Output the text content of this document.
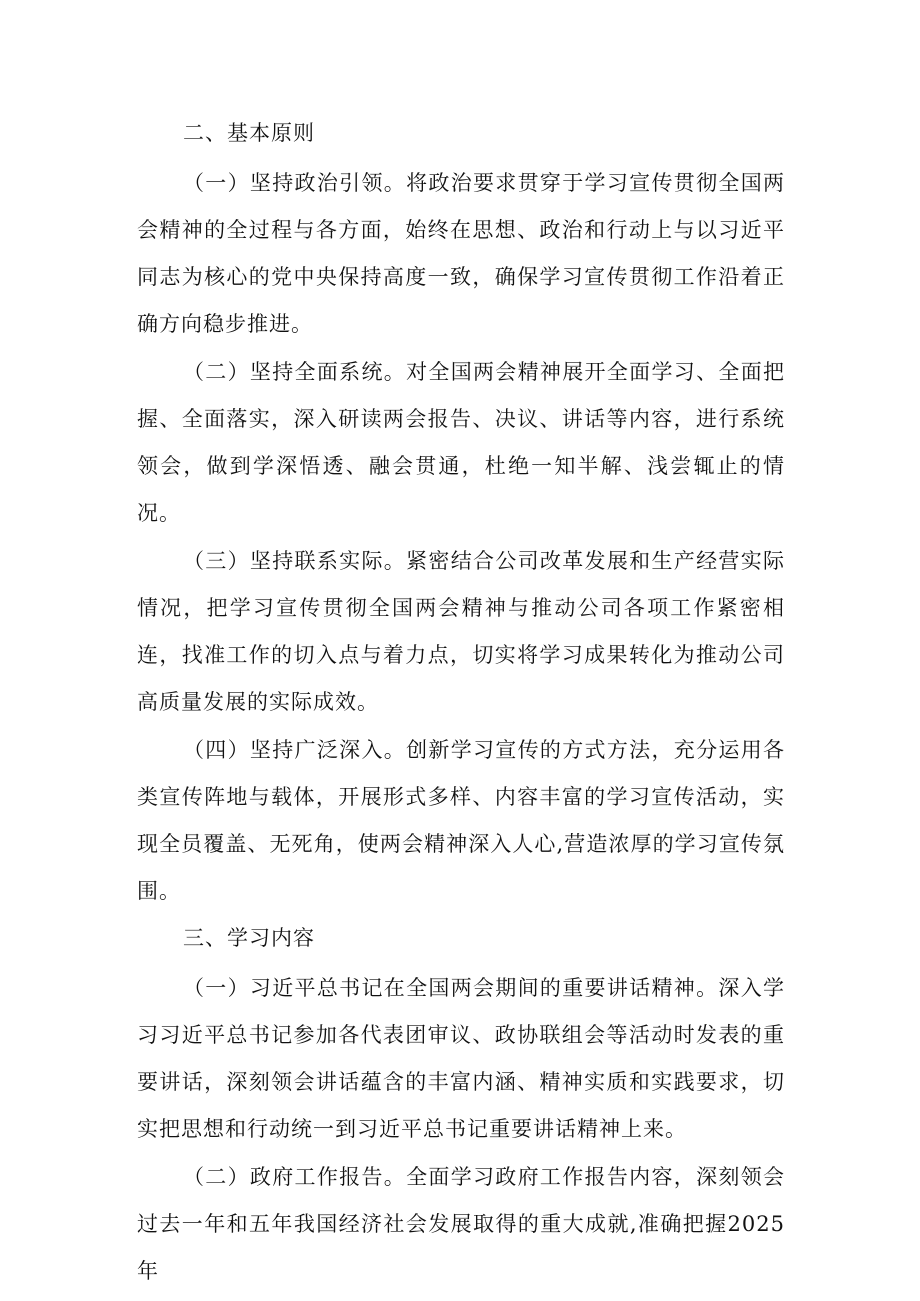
二、基本原则

（一）坚持政治引领。将政治要求贯穿于学习宣传贯彻全国两会精神的全过程与各方面，始终在思想、政治和行动上与以习近平同志为核心的党中央保持高度一致，确保学习宣传贯彻工作沿着正确方向稳步推进。

（二）坚持全面系统。对全国两会精神展开全面学习、全面把握、全面落实，深入研读两会报告、决议、讲话等内容，进行系统领会，做到学深悟透、融会贯通，杜绝一知半解、浅尝辄止的情况。

（三）坚持联系实际。紧密结合公司改革发展和生产经营实际情况，把学习宣传贯彻全国两会精神与推动公司各项工作紧密相连，找准工作的切入点与着力点，切实将学习成果转化为推动公司高质量发展的实际成效。

（四）坚持广泛深入。创新学习宣传的方式方法，充分运用各类宣传阵地与载体，开展形式多样、内容丰富的学习宣传活动，实现全员覆盖、无死角，使两会精神深入人心,营造浓厚的学习宣传氛围。

三、学习内容

（一）习近平总书记在全国两会期间的重要讲话精神。深入学习习近平总书记参加各代表团审议、政协联组会等活动时发表的重要讲话，深刻领会讲话蕴含的丰富内涵、精神实质和实践要求，切实把思想和行动统一到习近平总书记重要讲话精神上来。

（二）政府工作报告。全面学习政府工作报告内容，深刻领会过去一年和五年我国经济社会发展取得的重大成就,准确把握2025年
